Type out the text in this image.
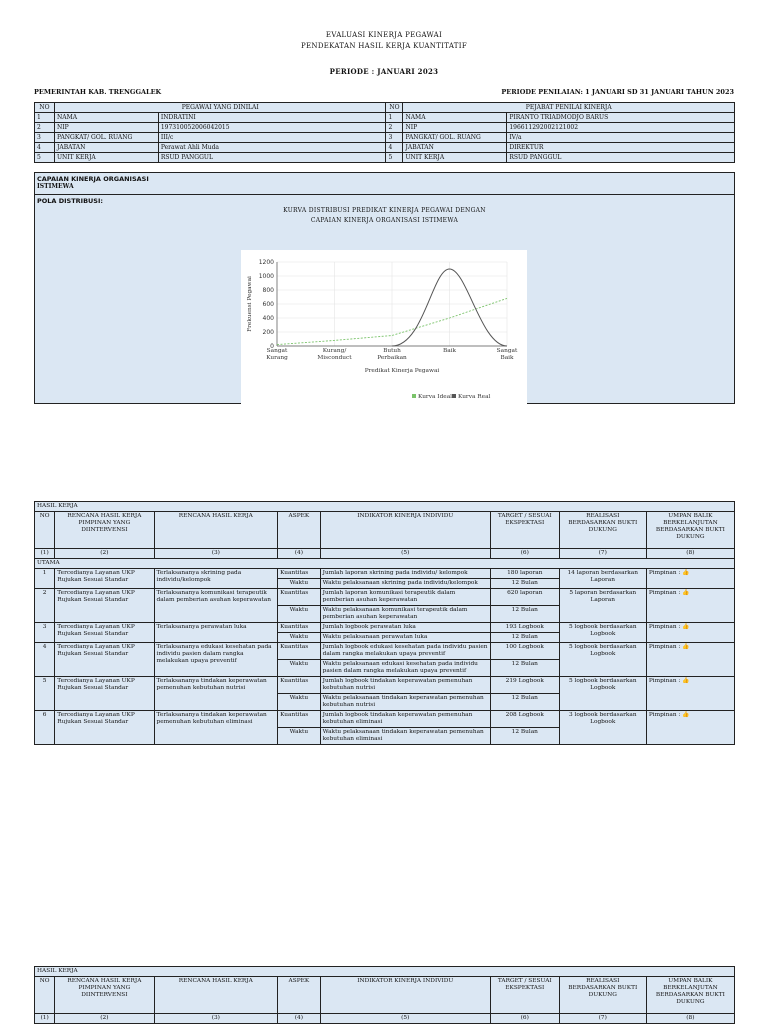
EVALUASI KINERJA PEGAWAI
PENDEKATAN HASIL KERJA KUANTITATIF
PERIODE : JANUARI 2023
PEMERINTAH KAB. TRENGGALEK	PERIODE PENILAIAN: 1 JANUARI SD 31 JANUARI TAHUN 2023
NO	PEGAWAI YANG DINILAI		NO	PEJABAT PENILAI KINERJA	
1	NAMA	INDRATINI	1	NAMA	PIRANTO TRIADMODJO BARUS
2	NIP	197310052006042015	2	NIP	196611292002121002
3	PANGKAT/ GOL. RUANG	III/c	3	PANGKAT/ GOL. RUANG	IV/a
4	JABATAN	Perawat Ahli Muda	4	JABATAN	DIREKTUR
5	UNIT KERJA	RSUD PANGGUL	5	UNIT KERJA	RSUD PANGGUL
CAPAIAN KINERJA ORGANISASI
ISTIMEWA
POLA DISTRIBUSI:
KURVA DISTRIBUSI PREDIKAT KINERJA PEGAWAI DENGAN
CAPAIAN KINERJA ORGANISASI ISTIMEWA
0
200
400
600
800
1000
1200
Sangat
Kurang
Kurang/
Misconduct
Butuh
Perbaikan
Baik	Sangat
Baik
Frekuensi Pegawai
Predikat Kinerja Pegawai
Kurva Ideal Kurva Real
HASIL KERJA							
NO	RENCANA HASIL KERJA PIMPINAN YANG DIINTERVENSI	RENCANA HASIL KERJA	ASPEK	INDIKATOR KINERJA INDIVIDU	TARGET / SESUAI EKSPEKTASI	REALISASI BERDASARKAN BUKTI DUKUNG	UMPAN BALIK BERKELANJUTAN BERDASARKAN BUKTI DUKUNG
(1)	(2)	(3)	(4)	(5)	(6)	(7)	(8)
UTAMA							
1	Tercedianya Layanan UKP Rujukan Sesuai Standar	Terlaksananya skrining pada individu/kelompok	Kuantitas	Jumlah laporan skrining pada individu/ kelompok	180 laporan	14 laporan berdasarkan Laporan	Pimpinan : 👍
			Waktu	Waktu pelaksanaan skrining pada individu/kelompok	12 Bulan		
2	Tercedianya Layanan UKP Rujukan Sesuai Standar	Terlaksananya komunikasi terapeutik dalam pemberian asuhan keperawatan	Kuantitas	Jumlah laporan komunikasi terapeutik dalam pemberian asuhan keperawatan	620 laporan	5 laporan berdasarkan Laporan	Pimpinan : 👍
			Waktu	Waktu pelaksanaan komunikasi terapeutik dalam pemberian asuhan keperawatan	12 Bulan		
3	Tercedianya Layanan UKP Rujukan Sesuai Standar	Terlaksananya perawatan luka	Kuantitas	Jumlah logbook perawatan luka	193 Logbook	5 logbook berdasarkan Logbook	Pimpinan : 👍
			Waktu	Waktu pelaksanaan perawatan luka	12 Bulan		
4	Tercedianya Layanan UKP Rujukan Sesuai Standar	Terlaksananya edukasi kesehatan pada individu pasien dalam rangka melakukan upaya preventif	Kuantitas	Jumlah logbook edukasi kesehatan pada individu pasien dalam rangka melakukan upaya preventif	100 Logbook	5 logbook berdasarkan Logbook	Pimpinan : 👍
			Waktu	Waktu pelaksanaan edukasi kesehatan pada individu pasien dalam rangka melakukan upaya preventif	12 Bulan		
5	Tercedianya Layanan UKP Rujukan Sesuai Standar	Terlaksananya tindakan keperawatan pemenuhan kebutuhan nutrisi	Kuantitas	Jumlah logbook tindakan keperawatan pemenuhan kebutuhan nutrisi	219 Logbook	5 logbook berdasarkan Logbook	Pimpinan : 👍
			Waktu	Waktu pelaksanaan tindakan keperawatan pemenuhan kebutuhan nutrisi	12 Bulan		
6	Tercedianya Layanan UKP Rujukan Sesuai Standar	Terlaksananya tindakan keperawatan pemenuhan kebutuhan eliminasi	Kuantitas	Jumlah logbook tindakan keperawatan pemenuhan kebutuhan eliminasi	208 Logbook	3 logbook berdasarkan Logbook	Pimpinan : 👍
			Waktu	Waktu pelaksanaan tindakan keperawatan pemenuhan kebutuhan eliminasi	12 Bulan		
HASIL KERJA							
NO	RENCANA HASIL KERJA PIMPINAN YANG DIINTERVENSI	RENCANA HASIL KERJA	ASPEK	INDIKATOR KINERJA INDIVIDU	TARGET / SESUAI EKSPEKTASI	REALISASI BERDASARKAN BUKTI DUKUNG	UMPAN BALIK BERKELANJUTAN BERDASARKAN BUKTI DUKUNG
(1)	(2)	(3)	(4)	(5)	(6)	(7)	(8)
